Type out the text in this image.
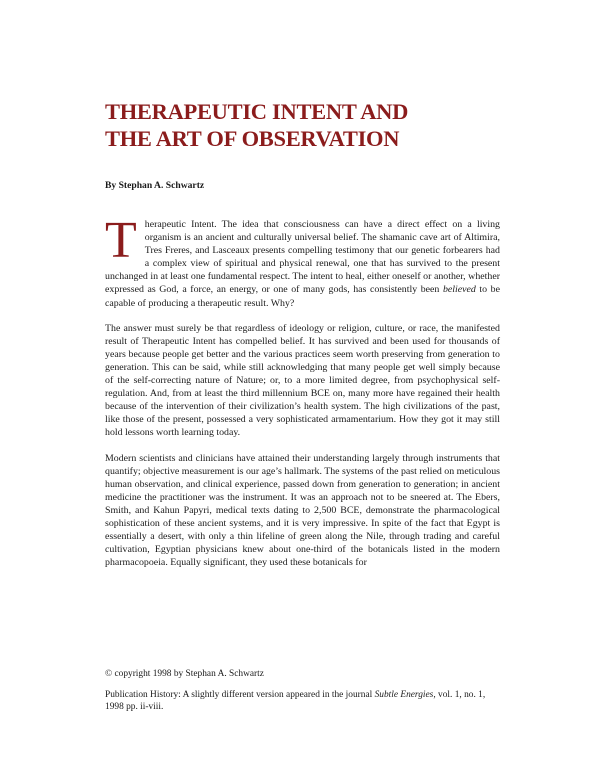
THERAPEUTIC INTENT AND
THE ART OF OBSERVATION

By Stephan A. Schwartz

Therapeutic Intent. The idea that consciousness can have a direct effect on a living organism is an ancient and culturally universal belief. The shamanic cave art of Altimira, Tres Freres, and Lasceaux presents compelling testimony that our genetic forbearers had a complex view of spiritual and physical renewal, one that has survived to the present unchanged in at least one fundamental respect. The intent to heal, either oneself or another, whether expressed as God, a force, an energy, or one of many gods, has consistently been believed to be capable of producing a therapeutic result. Why?

The answer must surely be that regardless of ideology or religion, culture, or race, the manifested result of Therapeutic Intent has compelled belief. It has survived and been used for thousands of years because people get better and the various practices seem worth preserving from generation to generation. This can be said, while still acknowledging that many people get well simply because of the self-correcting nature of Nature; or, to a more limited degree, from psychophysical self-regulation. And, from at least the third millennium BCE on, many more have regained their health because of the intervention of their civilization’s health system. The high civilizations of the past, like those of the present, possessed a very sophisticated armamentarium. How they got it may still hold lessons worth learning today.

Modern scientists and clinicians have attained their understanding largely through instruments that quantify; objective measurement is our age’s hallmark. The systems of the past relied on meticulous human observation, and clinical experience, passed down from generation to generation; in ancient medicine the practitioner was the instrument. It was an approach not to be sneered at. The Ebers, Smith, and Kahun Papyri, medical texts dating to 2,500 BCE, demonstrate the pharmacological sophistication of these ancient systems, and it is very impressive. In spite of the fact that Egypt is essentially a desert, with only a thin lifeline of green along the Nile, through trading and careful cultivation, Egyptian physicians knew about one-third of the botanicals listed in the modern pharmacopoeia. Equally significant, they used these botanicals for

© copyright 1998 by Stephan A. Schwartz

Publication History: A slightly different version appeared in the journal Subtle Energies, vol. 1, no. 1, 1998 pp. ii-viii.
